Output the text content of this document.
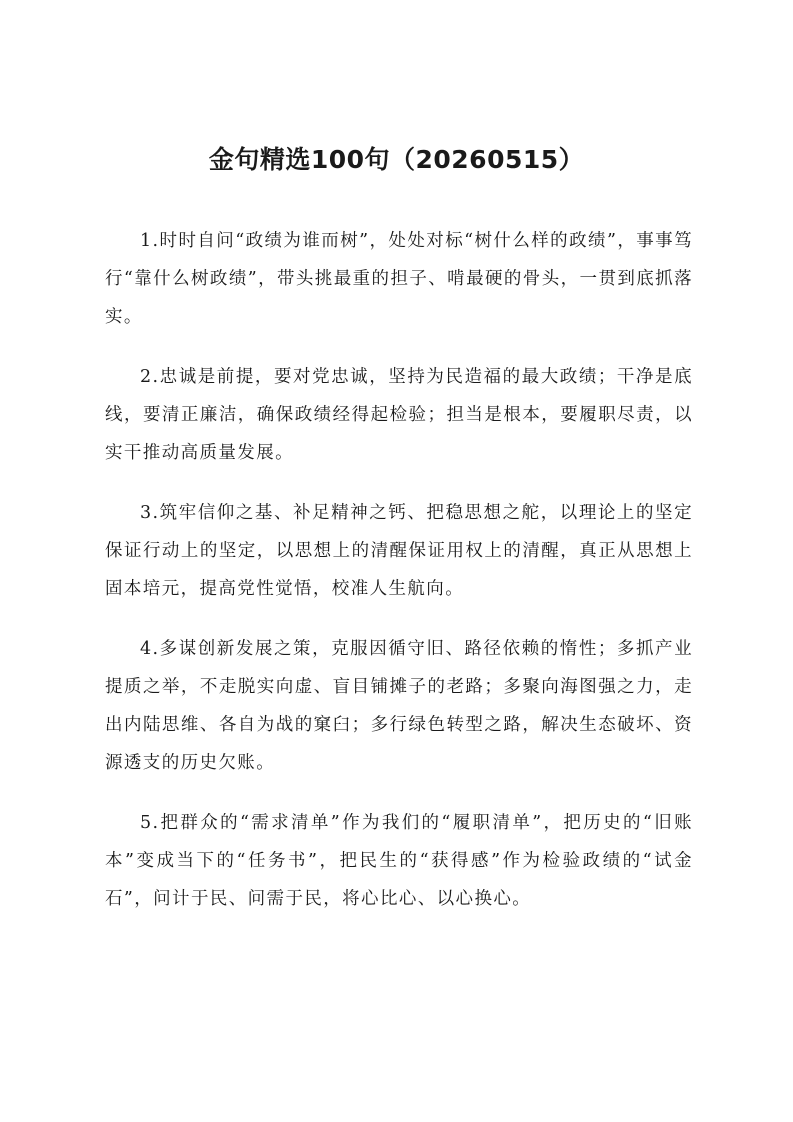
金句精选100句（20260515）

1.时时自问“政绩为谁而树”，处处对标“树什么样的政绩”，事事笃行“靠什么树政绩”，带头挑最重的担子、啃最硬的骨头，一贯到底抓落实。

2.忠诚是前提，要对党忠诚，坚持为民造福的最大政绩；干净是底线，要清正廉洁，确保政绩经得起检验；担当是根本，要履职尽责，以实干推动高质量发展。

3.筑牢信仰之基、补足精神之钙、把稳思想之舵，以理论上的坚定保证行动上的坚定，以思想上的清醒保证用权上的清醒，真正从思想上固本培元，提高党性觉悟，校准人生航向。

4.多谋创新发展之策，克服因循守旧、路径依赖的惰性；多抓产业提质之举，不走脱实向虚、盲目铺摊子的老路；多聚向海图强之力，走出内陆思维、各自为战的窠臼；多行绿色转型之路，解决生态破坏、资源透支的历史欠账。

5.把群众的“需求清单”作为我们的“履职清单”，把历史的“旧账本”变成当下的“任务书”，把民生的“获得感”作为检验政绩的“试金石”，问计于民、问需于民，将心比心、以心换心。
